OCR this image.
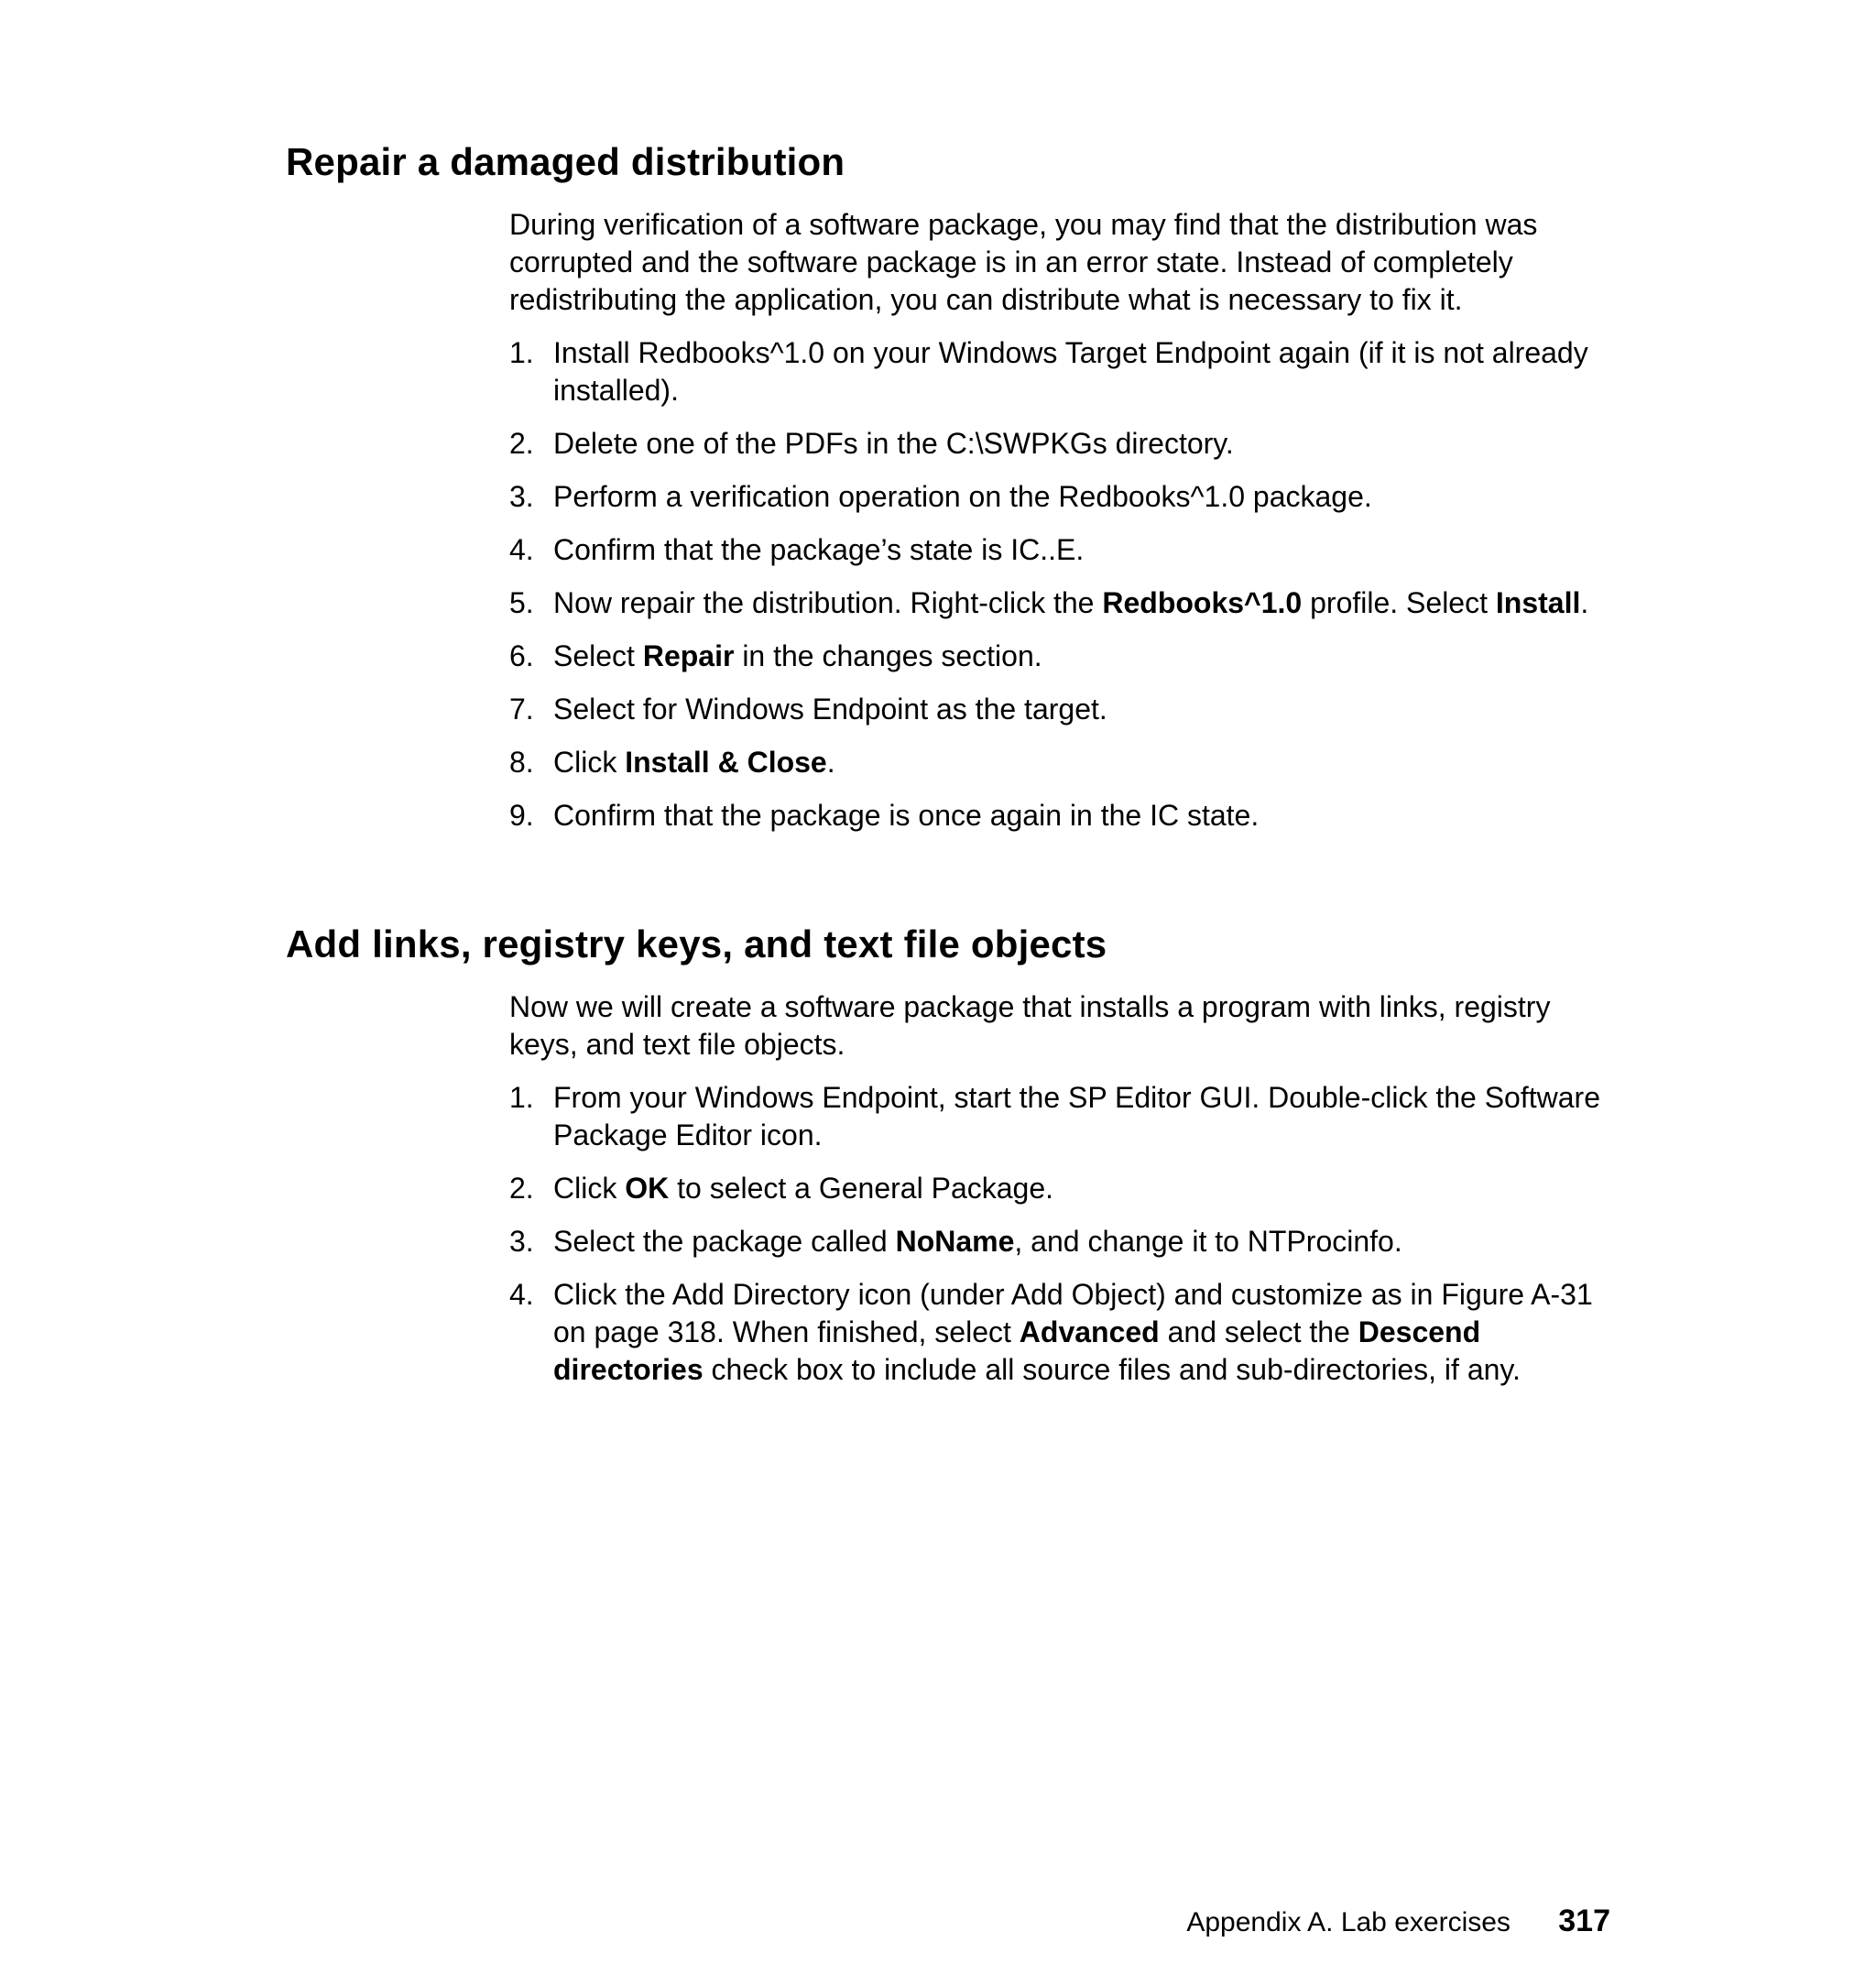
Repair a damaged distribution

During verification of a software package, you may find that the distribution was corrupted and the software package is in an error state. Instead of completely redistributing the application, you can distribute what is necessary to fix it.

1. Install Redbooks^1.0 on your Windows Target Endpoint again (if it is not already installed).
2. Delete one of the PDFs in the C:\SWPKGs directory.
3. Perform a verification operation on the Redbooks^1.0 package.
4. Confirm that the package’s state is IC..E.
5. Now repair the distribution. Right-click the Redbooks^1.0 profile. Select Install.
6. Select Repair in the changes section.
7. Select for Windows Endpoint as the target.
8. Click Install & Close.
9. Confirm that the package is once again in the IC state.
Add links, registry keys, and text file objects

Now we will create a software package that installs a program with links, registry keys, and text file objects.

1. From your Windows Endpoint, start the SP Editor GUI. Double-click the Software Package Editor icon.
2. Click OK to select a General Package.
3. Select the package called NoName, and change it to NTProcinfo.
4. Click the Add Directory icon (under Add Object) and customize as in Figure A-31 on page 318. When finished, select Advanced and select the Descend directories check box to include all source files and sub-directories, if any.
Appendix A. Lab exercises 317
